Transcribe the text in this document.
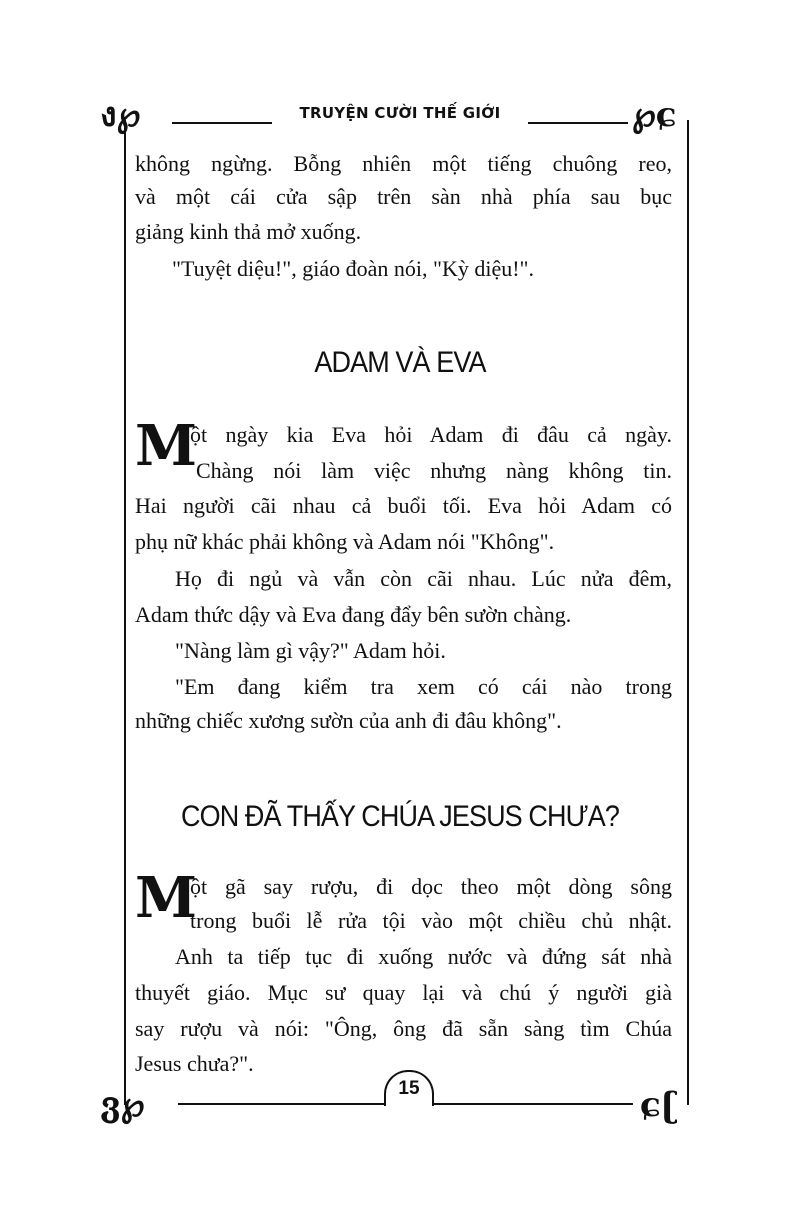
ง℘	℘ɕ
ვ℘	ɕʗ
TRUYỆN CƯỜI THẾ GIỚI
không ngừng. Bỗng nhiên một tiếng chuông reo,
và một cái cửa sập trên sàn nhà phía sau bục
giảng kinh thả mở xuống.
"Tuyệt diệu!", giáo đoàn nói, "Kỳ diệu!".
ADAM VÀ EVA
M
ột ngày kia Eva hỏi Adam đi đâu cả ngày.
Chàng nói làm việc nhưng nàng không tin.
Hai người cãi nhau cả buổi tối. Eva hỏi Adam có
phụ nữ khác phải không và Adam nói "Không".
Họ đi ngủ và vẫn còn cãi nhau. Lúc nửa đêm,
Adam thức dậy và Eva đang đẩy bên sườn chàng.
"Nàng làm gì vậy?" Adam hỏi.
"Em đang kiểm tra xem có cái nào trong
những chiếc xương sườn của anh đi đâu không".
CON ĐÃ THẤY CHÚA JESUS CHƯA?
M
ột gã say rượu, đi dọc theo một dòng sông
trong buổi lễ rửa tội vào một chiều chủ nhật.
Anh ta tiếp tục đi xuống nước và đứng sát nhà
thuyết giáo. Mục sư quay lại và chú ý người già
say rượu và nói: "Ông, ông đã sẵn sàng tìm Chúa
Jesus chưa?".
15
